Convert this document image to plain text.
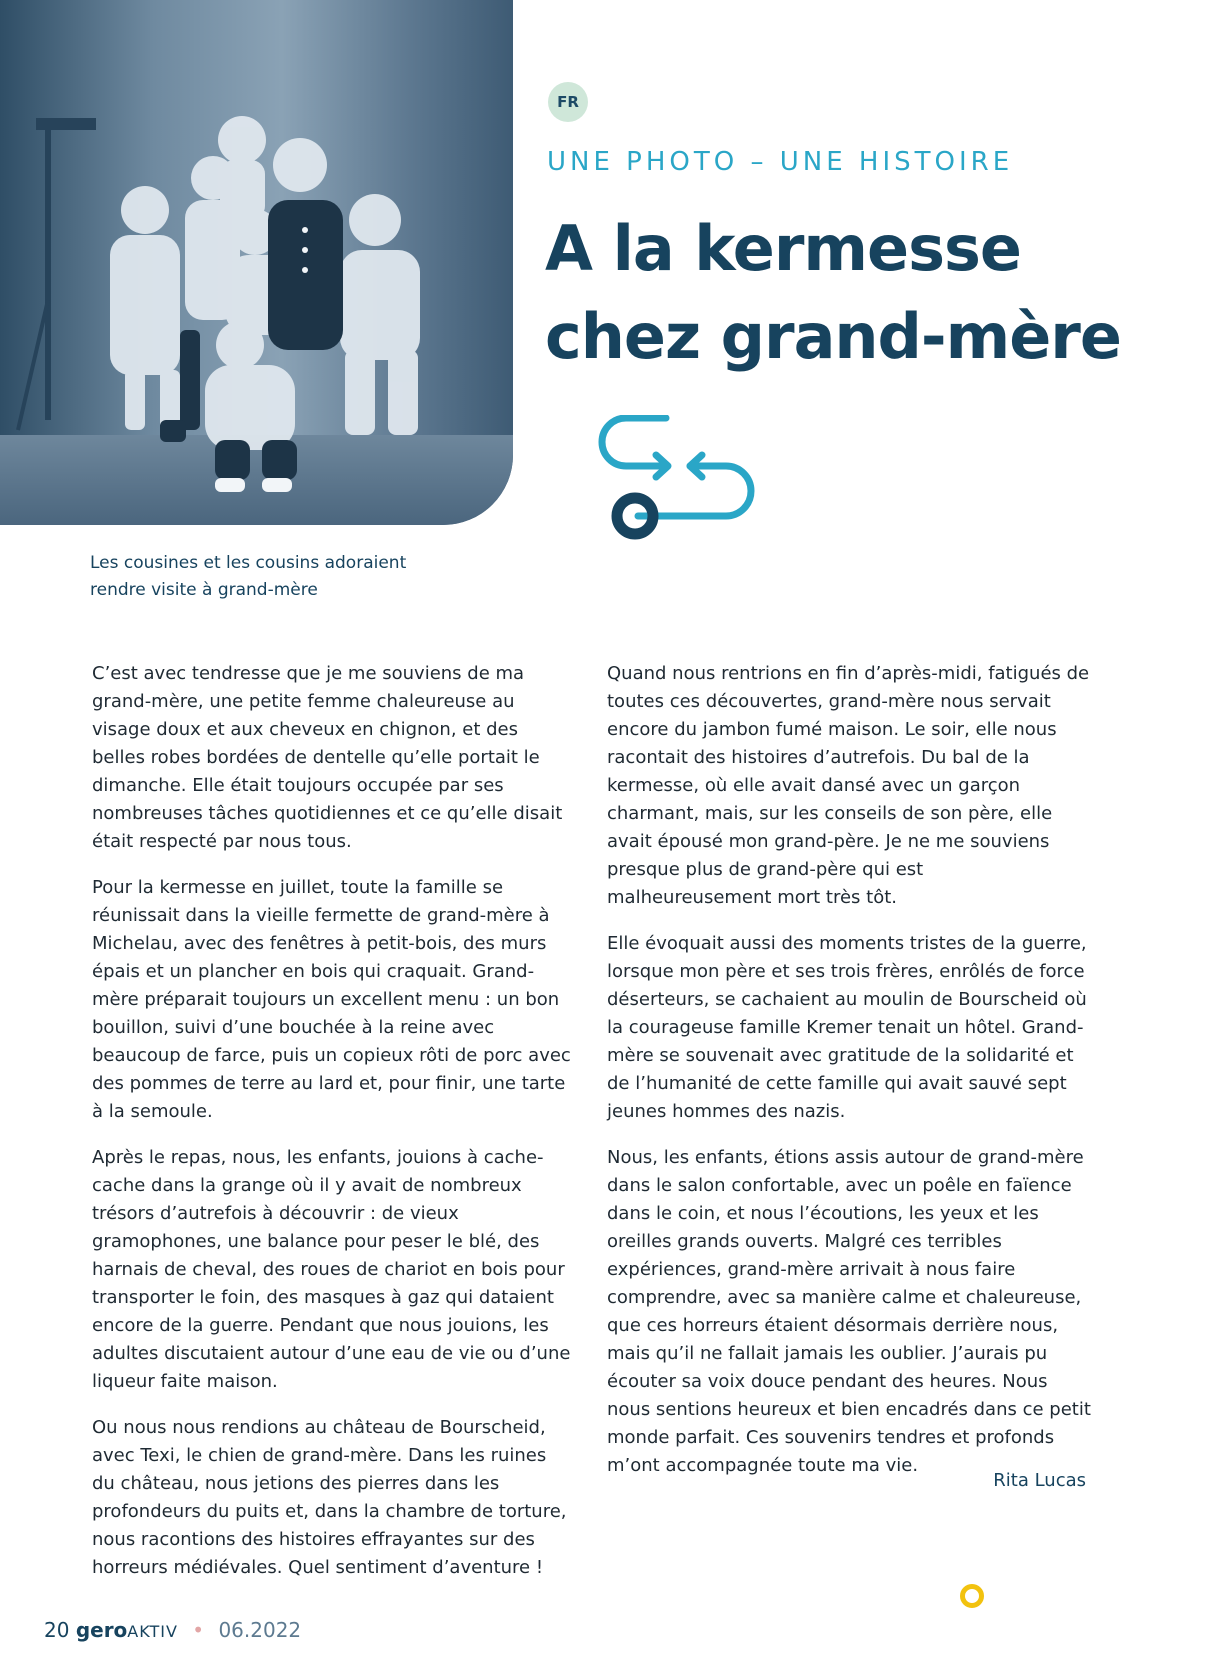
FR
UNE PHOTO – UNE HISTOIRE
A la kermesse
chez grand-mère
Les cousines et les cousins adoraient
rendre visite à grand-mère

C’est avec tendresse que je me souviens de ma grand-mère, une petite femme chaleureuse au visage doux et aux cheveux en chignon, et des belles robes bordées de dentelle qu’elle portait le dimanche. Elle était toujours occupée par ses nombreuses tâches quotidiennes et ce qu’elle disait était respecté par nous tous.

Pour la kermesse en juillet, toute la famille se réunissait dans la vieille fermette de grand-mère à Michelau, avec des fenêtres à petit-bois, des murs épais et un plancher en bois qui craquait. Grand-mère préparait toujours un excellent menu : un bon bouillon, suivi d’une bouchée à la reine avec beaucoup de farce, puis un copieux rôti de porc avec des pommes de terre au lard et, pour finir, une tarte à la semoule.

Après le repas, nous, les enfants, jouions à cache-cache dans la grange où il y avait de nombreux trésors d’autrefois à découvrir : de vieux gramophones, une balance pour peser le blé, des harnais de cheval, des roues de chariot en bois pour transporter le foin, des masques à gaz qui dataient encore de la guerre. Pendant que nous jouions, les adultes discutaient autour d’une eau de vie ou d’une liqueur faite maison.

Ou nous nous rendions au château de Bourscheid, avec Texi, le chien de grand-mère. Dans les ruines du château, nous jetions des pierres dans les profondeurs du puits et, dans la chambre de torture, nous racontions des histoires effrayantes sur des horreurs médiévales. Quel sentiment d’aventure !

Quand nous rentrions en fin d’après-midi, fatigués de toutes ces découvertes, grand-mère nous servait encore du jambon fumé maison. Le soir, elle nous racontait des histoires d’autrefois. Du bal de la kermesse, où elle avait dansé avec un garçon charmant, mais, sur les conseils de son père, elle avait épousé mon grand-père. Je ne me souviens presque plus de grand-père qui est malheureusement mort très tôt.

Elle évoquait aussi des moments tristes de la guerre, lorsque mon père et ses trois frères, enrôlés de force déserteurs, se cachaient au moulin de Bourscheid où la courageuse famille Kremer tenait un hôtel. Grand-mère se souvenait avec gratitude de la solidarité et de l’humanité de cette famille qui avait sauvé sept jeunes hommes des nazis.

Nous, les enfants, étions assis autour de grand-mère dans le salon confortable, avec un poêle en faïence dans le coin, et nous l’écoutions, les yeux et les oreilles grands ouverts. Malgré ces terribles expériences, grand-mère arrivait à nous faire comprendre, avec sa manière calme et chaleureuse, que ces horreurs étaient désormais derrière nous, mais qu’il ne fallait jamais les oublier. J’aurais pu écouter sa voix douce pendant des heures. Nous nous sentions heureux et bien encadrés dans ce petit monde parfait. Ces souvenirs tendres et profonds m’ont accompagnée toute ma vie.

Rita Lucas
20 geroAKTIV • 06.2022
